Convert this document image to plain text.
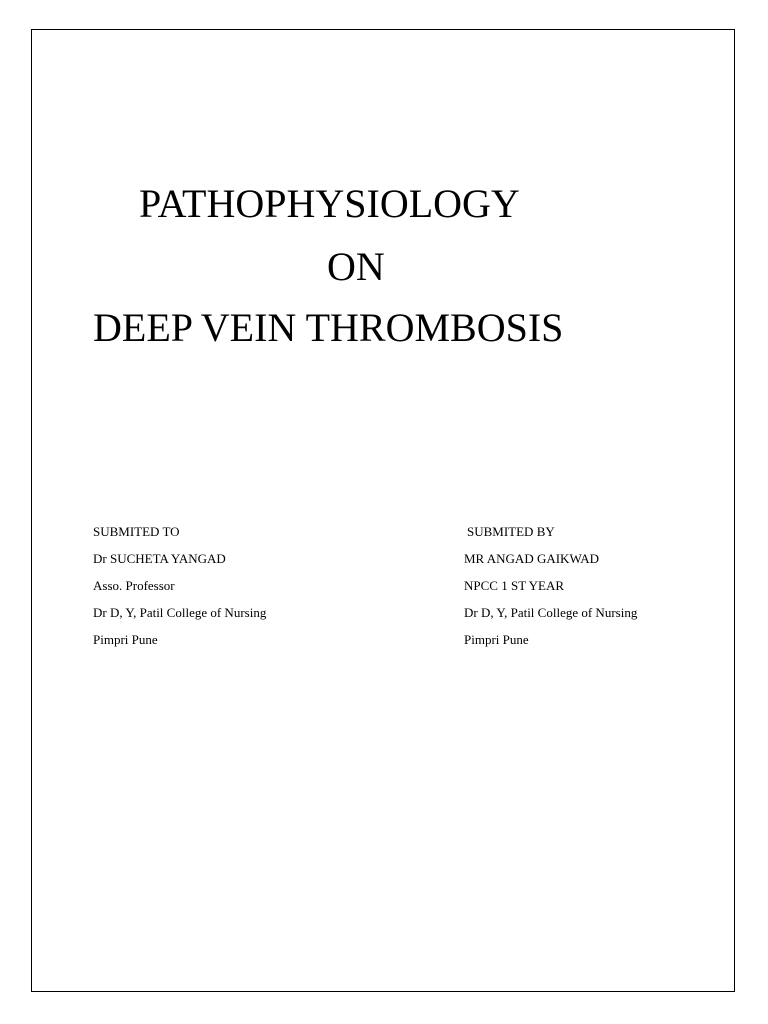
PATHOPHYSIOLOGY
ON
DEEP VEIN THROMBOSIS
SUBMITED TO
Dr SUCHETA YANGAD
Asso. Professor
Dr D, Y, Patil College of Nursing
Pimpri Pune
SUBMITED BY
MR ANGAD GAIKWAD
NPCC 1 ST YEAR
Dr D, Y, Patil College of Nursing
Pimpri Pune
